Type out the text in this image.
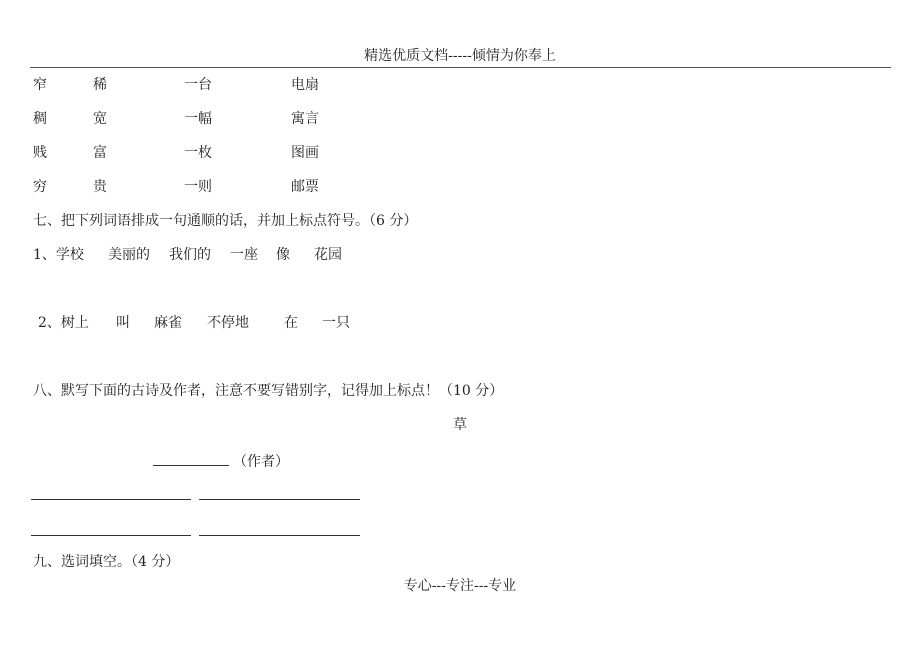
精选优质文档-----倾情为你奉上
窄	稀	一台	电扇
稠	宽	一幅	寓言
贱	富	一枚	图画
穷	贵	一则	邮票
七、把下列词语排成一句通顺的话，并加上标点符号。（6 分）
1、学校 美丽的 我们的 一座 像 花园
2、树上 叫 麻雀 不停地	在 一只
八、默写下面的古诗及作者，注意不要写错别字，记得加上标点！（10 分）
草
（作者）
九、选词填空。（4 分）
专心---专注---专业
